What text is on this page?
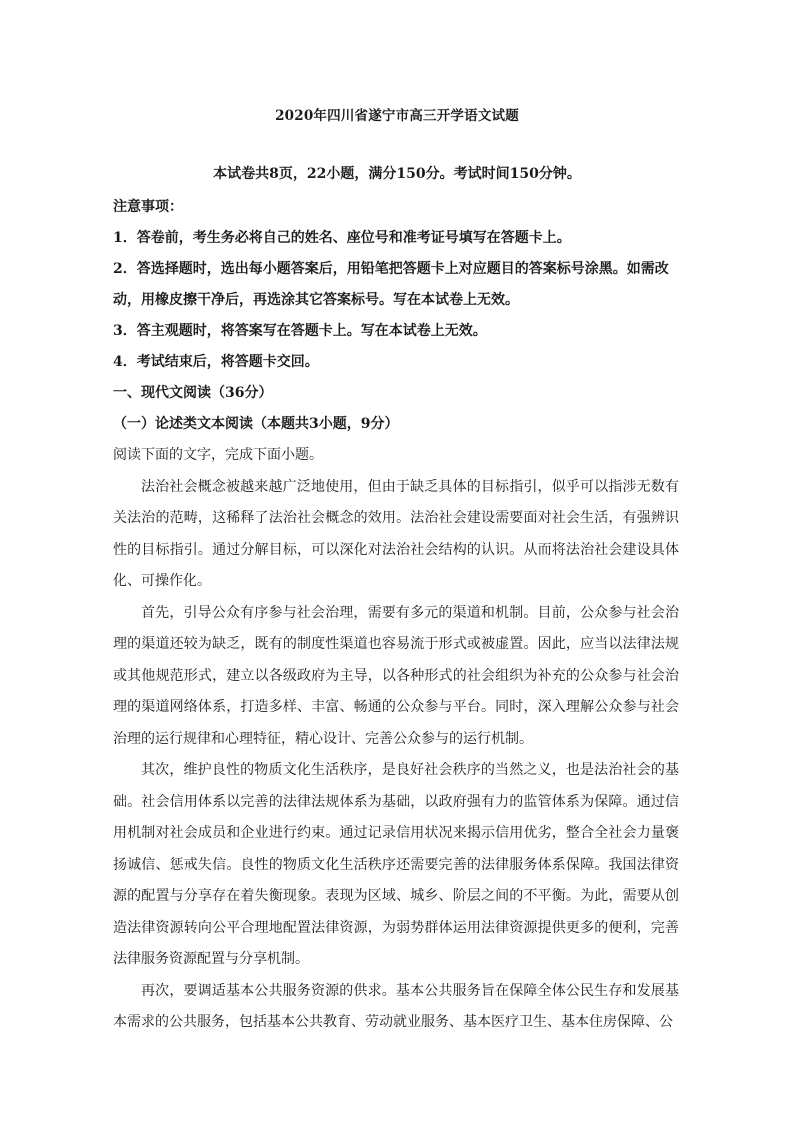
2020年四川省遂宁市高三开学语文试题
本试卷共8页，22小题，满分150分。考试时间150分钟。

注意事项：

1．答卷前，考生务必将自己的姓名、座位号和准考证号填写在答题卡上。

2．答选择题时，选出每小题答案后，用铅笔把答题卡上对应题目的答案标号涂黑。如需改动，用橡皮擦干净后，再选涂其它答案标号。写在本试卷上无效。

3．答主观题时，将答案写在答题卡上。写在本试卷上无效。

4．考试结束后，将答题卡交回。

一、现代文阅读（36分）

（一）论述类文本阅读（本题共3小题，9分）

阅读下面的文字，完成下面小题。

法治社会概念被越来越广泛地使用，但由于缺乏具体的目标指引，似乎可以指涉无数有关法治的范畴，这稀释了法治社会概念的效用。法治社会建设需要面对社会生活，有强辨识性的目标指引。通过分解目标，可以深化对法治社会结构的认识。从而将法治社会建设具体化、可操作化。

首先，引导公众有序参与社会治理，需要有多元的渠道和机制。目前，公众参与社会治理的渠道还较为缺乏，既有的制度性渠道也容易流于形式或被虚置。因此，应当以法律法规或其他规范形式，建立以各级政府为主导，以各种形式的社会组织为补充的公众参与社会治理的渠道网络体系，打造多样、丰富、畅通的公众参与平台。同时，深入理解公众参与社会治理的运行规律和心理特征，精心设计、完善公众参与的运行机制。

其次，维护良性的物质文化生活秩序，是良好社会秩序的当然之义，也是法治社会的基础。社会信用体系以完善的法律法规体系为基础，以政府强有力的监管体系为保障。通过信用机制对社会成员和企业进行约束。通过记录信用状况来揭示信用优劣，整合全社会力量褒扬诚信、惩戒失信。良性的物质文化生活秩序还需要完善的法律服务体系保障。我国法律资源的配置与分享存在着失衡现象。表现为区域、城乡、阶层之间的不平衡。为此，需要从创造法律资源转向公平合理地配置法律资源，为弱势群体运用法律资源提供更多的便利，完善法律服务资源配置与分享机制。

再次，要调适基本公共服务资源的供求。基本公共服务旨在保障全体公民生存和发展基本需求的公共服务，包括基本公共教育、劳动就业服务、基本医疗卫生、基本住房保障、公
